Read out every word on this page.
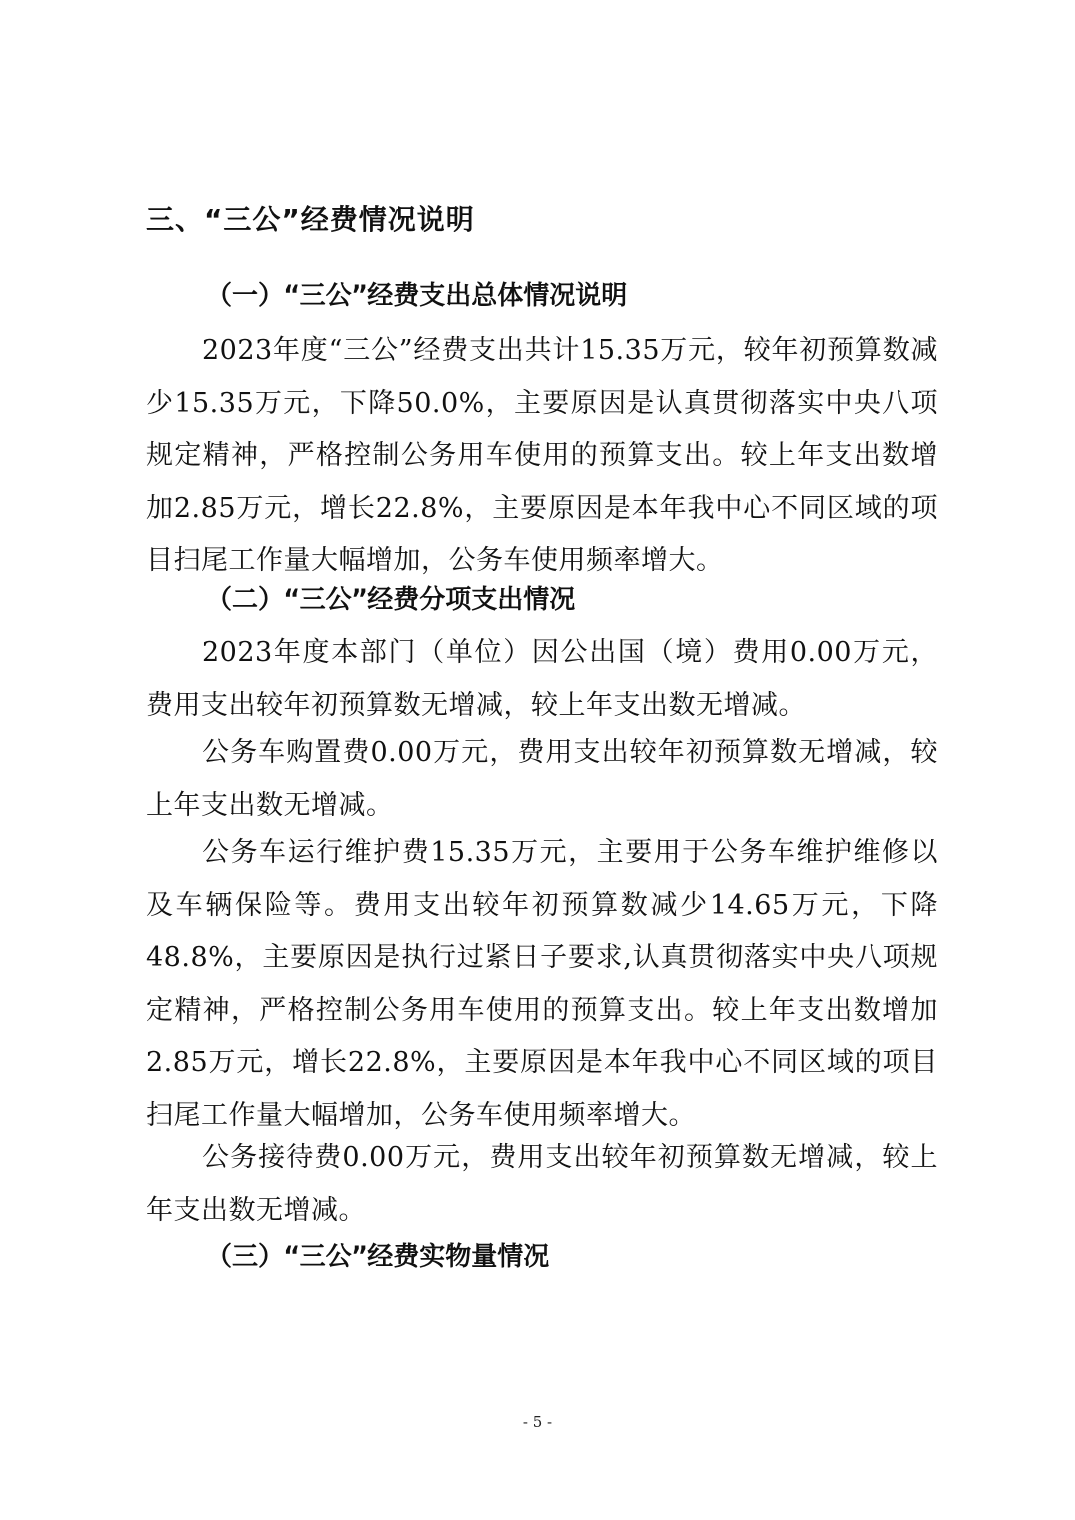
三、“三公”经费情况说明
（一）“三公”经费支出总体情况说明

2023年度“三公”经费支出共计15.35万元，较年初预算数减少15.35万元，下降50.0%，主要原因是认真贯彻落实中央八项规定精神，严格控制公务用车使用的预算支出。较上年支出数增加2.85万元，增长22.8%，主要原因是本年我中心不同区域的项目扫尾工作量大幅增加，公务车使用频率增大。

（二）“三公”经费分项支出情况

2023年度本部门（单位）因公出国（境）费用0.00万元，费用支出较年初预算数无增减，较上年支出数无增减。

公务车购置费0.00万元，费用支出较年初预算数无增减，较上年支出数无增减。

公务车运行维护费15.35万元，主要用于公务车维护维修以及车辆保险等。费用支出较年初预算数减少14.65万元，下降48.8%，主要原因是执行过紧日子要求,认真贯彻落实中央八项规定精神，严格控制公务用车使用的预算支出。较上年支出数增加2.85万元，增长22.8%，主要原因是本年我中心不同区域的项目扫尾工作量大幅增加，公务车使用频率增大。

公务接待费0.00万元，费用支出较年初预算数无增减，较上年支出数无增减。

（三）“三公”经费实物量情况

- 5 -
